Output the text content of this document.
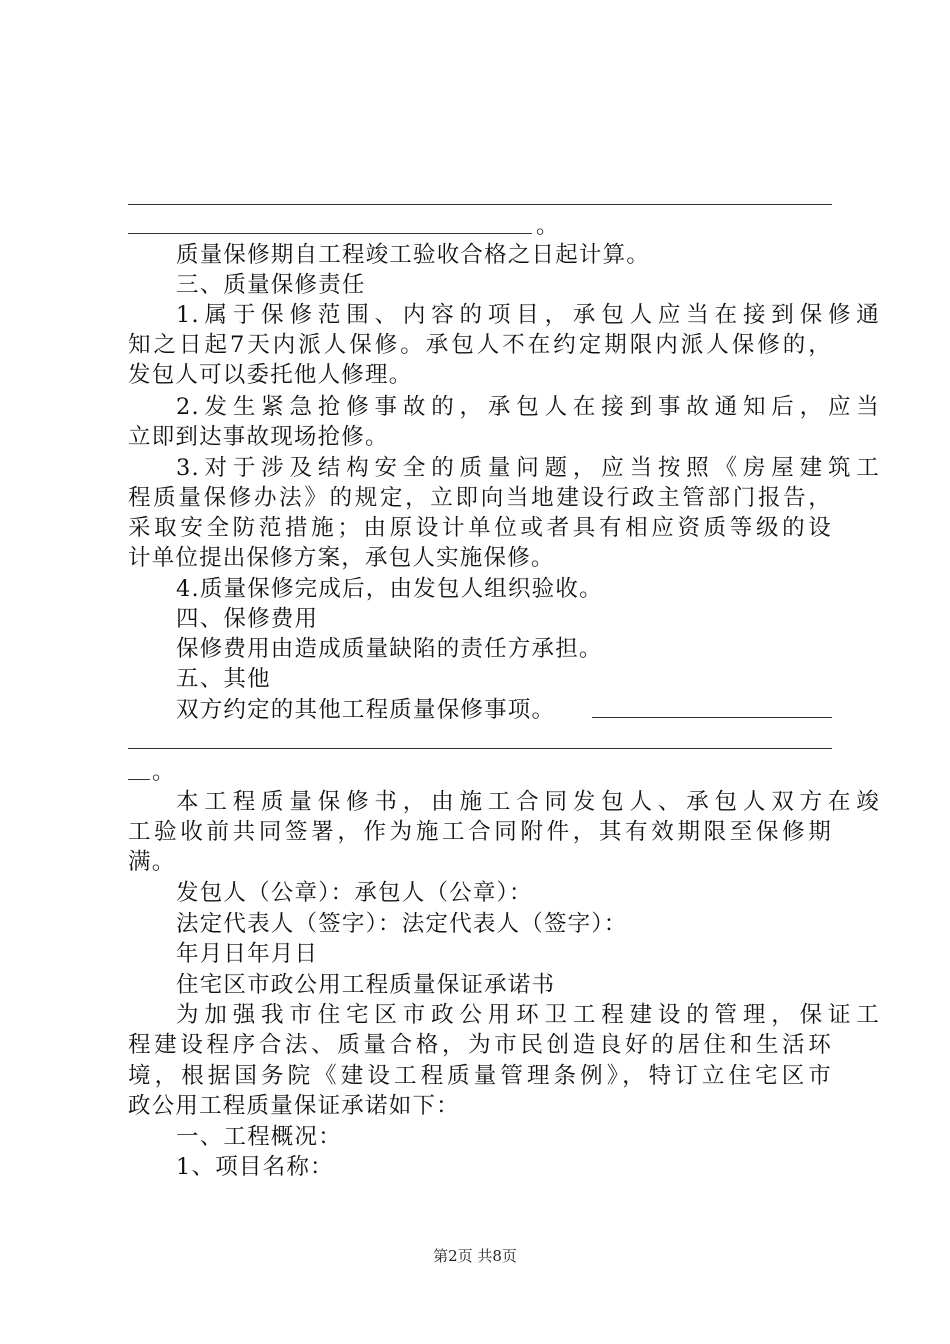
。
质量保修期自工程竣工验收合格之日起计算。
三、质量保修责任
1.属于保修范围、内容的项目，承包人应当在接到保修通
知之日起7天内派人保修。承包人不在约定期限内派人保修的，
发包人可以委托他人修理。
2.发生紧急抢修事故的，承包人在接到事故通知后，应当
立即到达事故现场抢修。
3.对于涉及结构安全的质量问题，应当按照《房屋建筑工
程质量保修办法》的规定，立即向当地建设行政主管部门报告，
采取安全防范措施；由原设计单位或者具有相应资质等级的设
计单位提出保修方案，承包人实施保修。
4.质量保修完成后，由发包人组织验收。
四、保修费用
保修费用由造成质量缺陷的责任方承担。
五、其他
双方约定的其他工程质量保修事项。
。
本工程质量保修书，由施工合同发包人、承包人双方在竣
工验收前共同签署，作为施工合同附件，其有效期限至保修期
满。
发包人（公章）：承包人（公章）：
法定代表人（签字）：法定代表人（签字）：
年月日年月日
住宅区市政公用工程质量保证承诺书
为加强我市住宅区市政公用环卫工程建设的管理，保证工
程建设程序合法、质量合格，为市民创造良好的居住和生活环
境，根据国务院《建设工程质量管理条例》，特订立住宅区市
政公用工程质量保证承诺如下：
一、工程概况：
1、项目名称：
第2页 共8页
